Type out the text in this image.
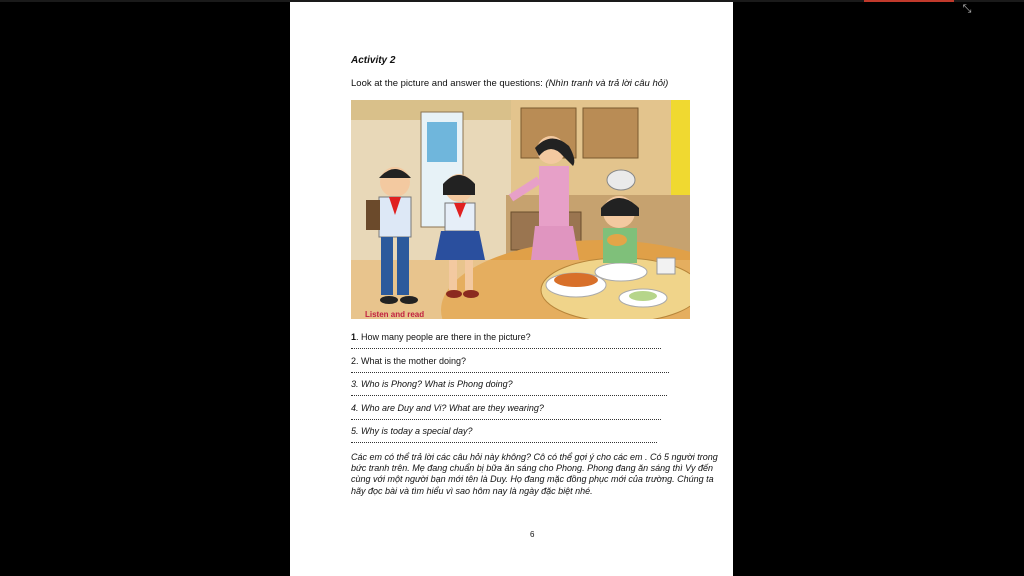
⤡
Activity 2
Look at the picture and answer the questions: (Nhìn tranh và trả lời câu hỏi)
Listen and read
1. How many people are there in the picture?
2. What is the mother doing?
3. Who is Phong? What is Phong doing?
4. Who are Duy and Vi? What are they wearing?
5. Why is today a special day?
Các em có thể trả lời các câu hỏi này không? Cô có thể gợi ý cho các em . Có 5 người trong bức tranh trên. Mẹ đang chuẩn bị bữa ăn sáng cho Phong. Phong đang ăn sáng thì Vy đến cùng với một người bạn mới tên là Duy. Họ đang mặc đồng phục mới của trường. Chúng ta hãy đọc bài và tìm hiểu vì sao hôm nay là ngày đặc biệt nhé.
6
